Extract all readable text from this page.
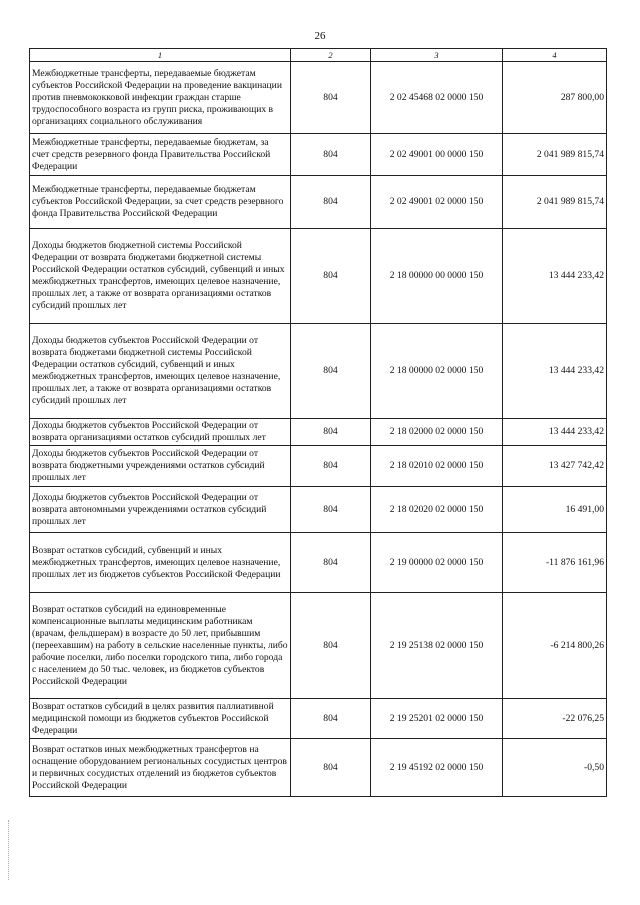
26
1	2	3	4
Межбюджетные трансферты, передаваемые бюджетам субъектов Российской Федерации на проведение вакцинации против пневмококковой инфекции граждан старше трудоспособного возраста из групп риска, проживающих в организациях социального обслуживания	804	2 02 45468 02 0000 150	287 800,00
Межбюджетные трансферты, передаваемые бюджетам, за счет средств резервного фонда Правительства Российской Федерации	804	2 02 49001 00 0000 150	2 041 989 815,74
Межбюджетные трансферты, передаваемые бюджетам субъектов Российской Федерации, за счет средств резервного фонда Правительства Российской Федерации	804	2 02 49001 02 0000 150	2 041 989 815,74
Доходы бюджетов бюджетной системы Российской Федерации от возврата бюджетами бюджетной системы Российской Федерации остатков субсидий, субвенций и иных межбюджетных трансфертов, имеющих целевое назначение, прошлых лет, а также от возврата организациями остатков субсидий прошлых лет	804	2 18 00000 00 0000 150	13 444 233,42
Доходы бюджетов субъектов Российской Федерации от возврата бюджетами бюджетной системы Российской Федерации остатков субсидий, субвенций и иных межбюджетных трансфертов, имеющих целевое назначение, прошлых лет, а также от возврата организациями остатков субсидий прошлых лет	804	2 18 00000 02 0000 150	13 444 233,42
Доходы бюджетов субъектов Российской Федерации от возврата организациями остатков субсидий прошлых лет	804	2 18 02000 02 0000 150	13 444 233,42
Доходы бюджетов субъектов Российской Федерации от возврата бюджетными учреждениями остатков субсидий прошлых лет	804	2 18 02010 02 0000 150	13 427 742,42
Доходы бюджетов субъектов Российской Федерации от возврата автономными учреждениями остатков субсидий прошлых лет	804	2 18 02020 02 0000 150	16 491,00
Возврат остатков субсидий, субвенций и иных межбюджетных трансфертов, имеющих целевое назначение, прошлых лет из бюджетов субъектов Российской Федерации	804	2 19 00000 02 0000 150	-11 876 161,96
Возврат остатков субсидий на единовременные компенсационные выплаты медицинским работникам (врачам, фельдшерам) в возрасте до 50 лет, прибывшим (переехавшим) на работу в сельские населенные пункты, либо рабочие поселки, либо поселки городского типа, либо города с населением до 50 тыс. человек, из бюджетов субъектов Российской Федерации	804	2 19 25138 02 0000 150	-6 214 800,26
Возврат остатков субсидий в целях развития паллиативной медицинской помощи из бюджетов субъектов Российской Федерации	804	2 19 25201 02 0000 150	-22 076,25
Возврат остатков иных межбюджетных трансфертов на оснащение оборудованием региональных сосудистых центров и первичных сосудистых отделений из бюджетов субъектов Российской Федерации	804	2 19 45192 02 0000 150	-0,50
